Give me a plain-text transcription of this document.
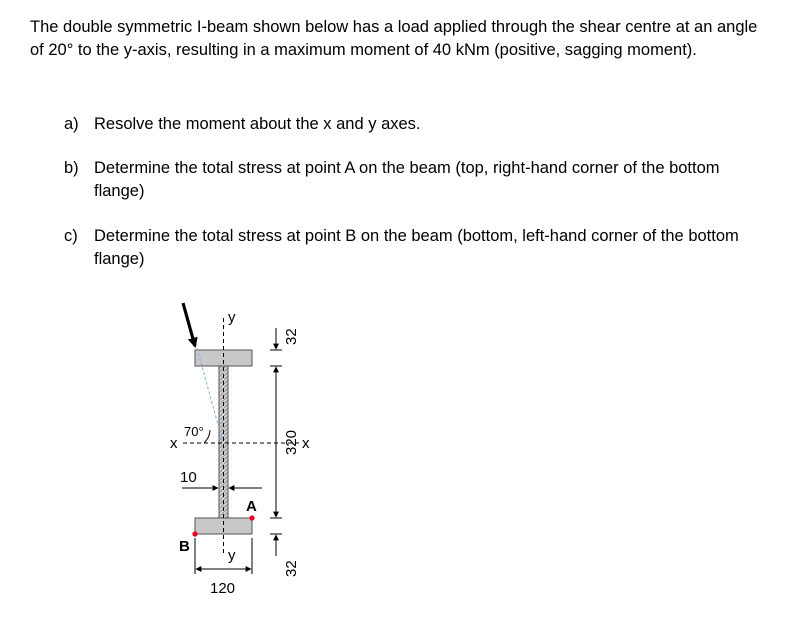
The double symmetric I-beam shown below has a load applied through the shear centre at an angle of 20° to the y-axis, resulting in a maximum moment of 40 kNm (positive, sagging moment).

a) Resolve the moment about the x and y axes.
b) Determine the total stress at point A on the beam (top, right-hand corner of the bottom flange)
c) Determine the total stress at point B on the beam (bottom, left-hand corner of the bottom flange)
y
y
x	x
70°
10
A
B
120
32
320
32
